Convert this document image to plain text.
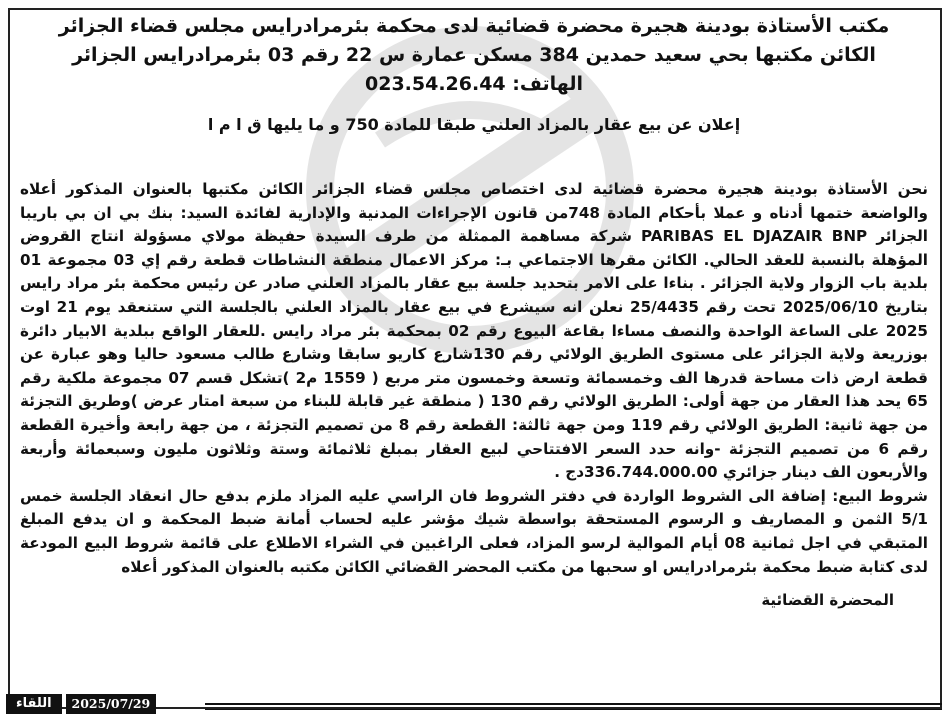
مكتب الأستاذة بودينة هجيرة محضرة قضائية لدى محكمة بئرمرادرايس مجلس قضاء الجزائر
الكائن مكتبها بحي سعيد حمدين 384 مسكن عمارة س 22 رقم 03 بئرمرادرايس الجزائر
الهاتف: 023.54.26.44
إعلان عن بيع عقار بالمزاد العلني طبقا للمادة 750 و ما يليها ق ا م ا
نحن الأستاذة بودينة هجيرة محضرة قضائية لدى اختصاص مجلس قضاء الجزائر الكائن مكتبها بالعنوان المذكور أعلاه والواضعة ختمها أدناه و عملا بأحكام المادة 748من قانون الإجراءات المدنية والإدارية لفائدة السيد: بنك بي ان بي باريبا الجزائر PARIBAS EL DJAZAIR BNP شركة مساهمة الممثلة من طرف السيدة حفيظة مولاي مسؤولة انتاج القروض المؤهلة بالنسبة للعقد الحالي. الكائن مقرها الاجتماعي بـ: مركز الاعمال منطقة النشاطات قطعة رقم إي 03 مجموعة 01 بلدية باب الزوار ولاية الجزائر . بناءا على الامر بتحديد جلسة بيع عقار بالمزاد العلني صادر عن رئيس محكمة بئر مراد رايس بتاريخ 2025/06/10 تحت رقم 25/4435 نعلن انه سيشرع في بيع عقار بالمزاد العلني بالجلسة التي ستنعقد يوم 21 اوت 2025 على الساعة الواحدة والنصف مساءا بقاعة البيوع رقم 02 بمحكمة بئر مراد رايس .للعقار الواقع ببلدية الابيار دائرة بوزريعة ولاية الجزائر على مستوى الطريق الولائي رقم 130شارع كاريو سابقا وشارع طالب مسعود حاليا وهو عبارة عن قطعة ارض ذات مساحة قدرها الف وخمسمائة وتسعة وخمسون متر مربع ( 1559 م2 )تشكل قسم 07 مجموعة ملكية رقم 65 يحد هذا العقار من جهة أولى: الطريق الولائي رقم 130 ( منطقة غير قابلة للبناء من سبعة امتار عرض )وطريق التجزئة من جهة ثانية: الطريق الولائي رقم 119 ومن جهة ثالثة: القطعة رقم 8 من تصميم التجزئة ، من جهة رابعة وأخيرة القطعة رقم 6 من تصميم التجزئة -وانه حدد السعر الافتتاحي لبيع العقار بمبلغ ثلاثمائة وستة وثلاثون مليون وسبعمائة وأربعة والأربعون الف دينار جزائري 336.744.000.00دج .
شروط البيع: إضافة الى الشروط الواردة في دفتر الشروط فان الراسي عليه المزاد ملزم بدفع حال انعقاد الجلسة خمس 5/1 الثمن و المصاريف و الرسوم المستحقة بواسطة شيك مؤشر عليه لحساب أمانة ضبط المحكمة و ان يدفع المبلغ المتبقي في اجل ثمانية 08 أيام الموالية لرسو المزاد، فعلى الراغبين في الشراء الاطلاع على قائمة شروط البيع المودعة لدى كتابة ضبط محكمة بئرمرادرايس او سحبها من مكتب المحضر القضائي الكائن مكتبه بالعنوان المذكور أعلاه
المحضرة القضائية
اللقاء	2025/07/29
